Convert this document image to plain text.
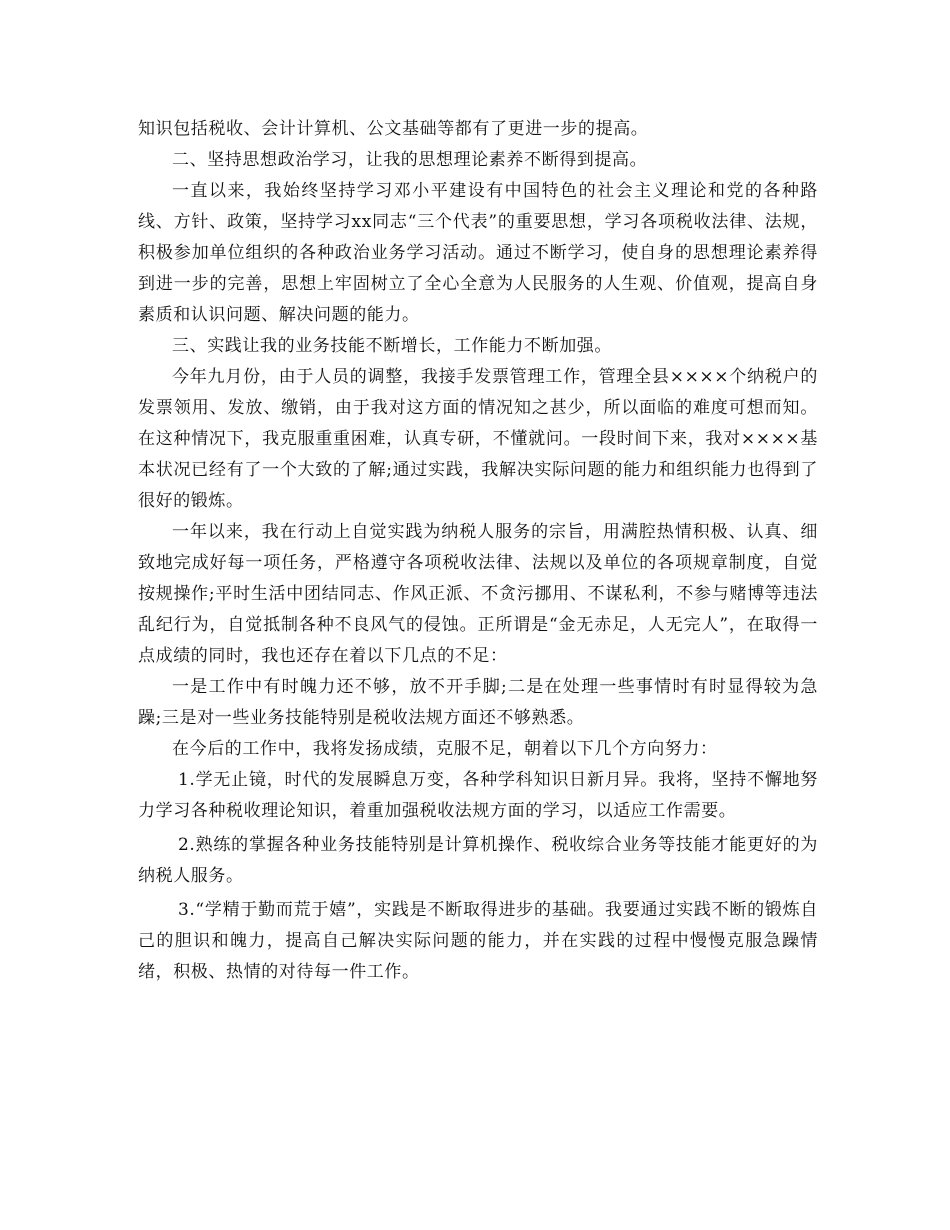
知识包括税收、会计计算机、公文基础等都有了更进一步的提高。

二、坚持思想政治学习，让我的思想理论素养不断得到提高。

一直以来，我始终坚持学习邓小平建设有中国特色的社会主义理论和党的各种路线、方针、政策，坚持学习xx同志“三个代表”的重要思想，学习各项税收法律、法规，积极参加单位组织的各种政治业务学习活动。通过不断学习，使自身的思想理论素养得到进一步的完善，思想上牢固树立了全心全意为人民服务的人生观、价值观，提高自身素质和认识问题、解决问题的能力。

三、实践让我的业务技能不断增长，工作能力不断加强。

今年九月份，由于人员的调整，我接手发票管理工作，管理全县××××个纳税户的发票领用、发放、缴销，由于我对这方面的情况知之甚少，所以面临的难度可想而知。在这种情况下，我克服重重困难，认真专研，不懂就问。一段时间下来，我对××××基本状况已经有了一个大致的了解;通过实践，我解决实际问题的能力和组织能力也得到了很好的锻炼。

一年以来，我在行动上自觉实践为纳税人服务的宗旨，用满腔热情积极、认真、细致地完成好每一项任务，严格遵守各项税收法律、法规以及单位的各项规章制度，自觉按规操作;平时生活中团结同志、作风正派、不贪污挪用、不谋私利，不参与赌博等违法乱纪行为，自觉抵制各种不良风气的侵蚀。正所谓是“金无赤足，人无完人”，在取得一点成绩的同时，我也还存在着以下几点的不足：

一是工作中有时魄力还不够，放不开手脚;二是在处理一些事情时有时显得较为急躁;三是对一些业务技能特别是税收法规方面还不够熟悉。

在今后的工作中，我将发扬成绩，克服不足，朝着以下几个方向努力：

1.学无止镜，时代的发展瞬息万变，各种学科知识日新月异。我将，坚持不懈地努力学习各种税收理论知识，着重加强税收法规方面的学习，以适应工作需要。

2.熟练的掌握各种业务技能特别是计算机操作、税收综合业务等技能才能更好的为纳税人服务。

3.“学精于勤而荒于嬉”，实践是不断取得进步的基础。我要通过实践不断的锻炼自己的胆识和魄力，提高自己解决实际问题的能力，并在实践的过程中慢慢克服急躁情绪，积极、热情的对待每一件工作。
